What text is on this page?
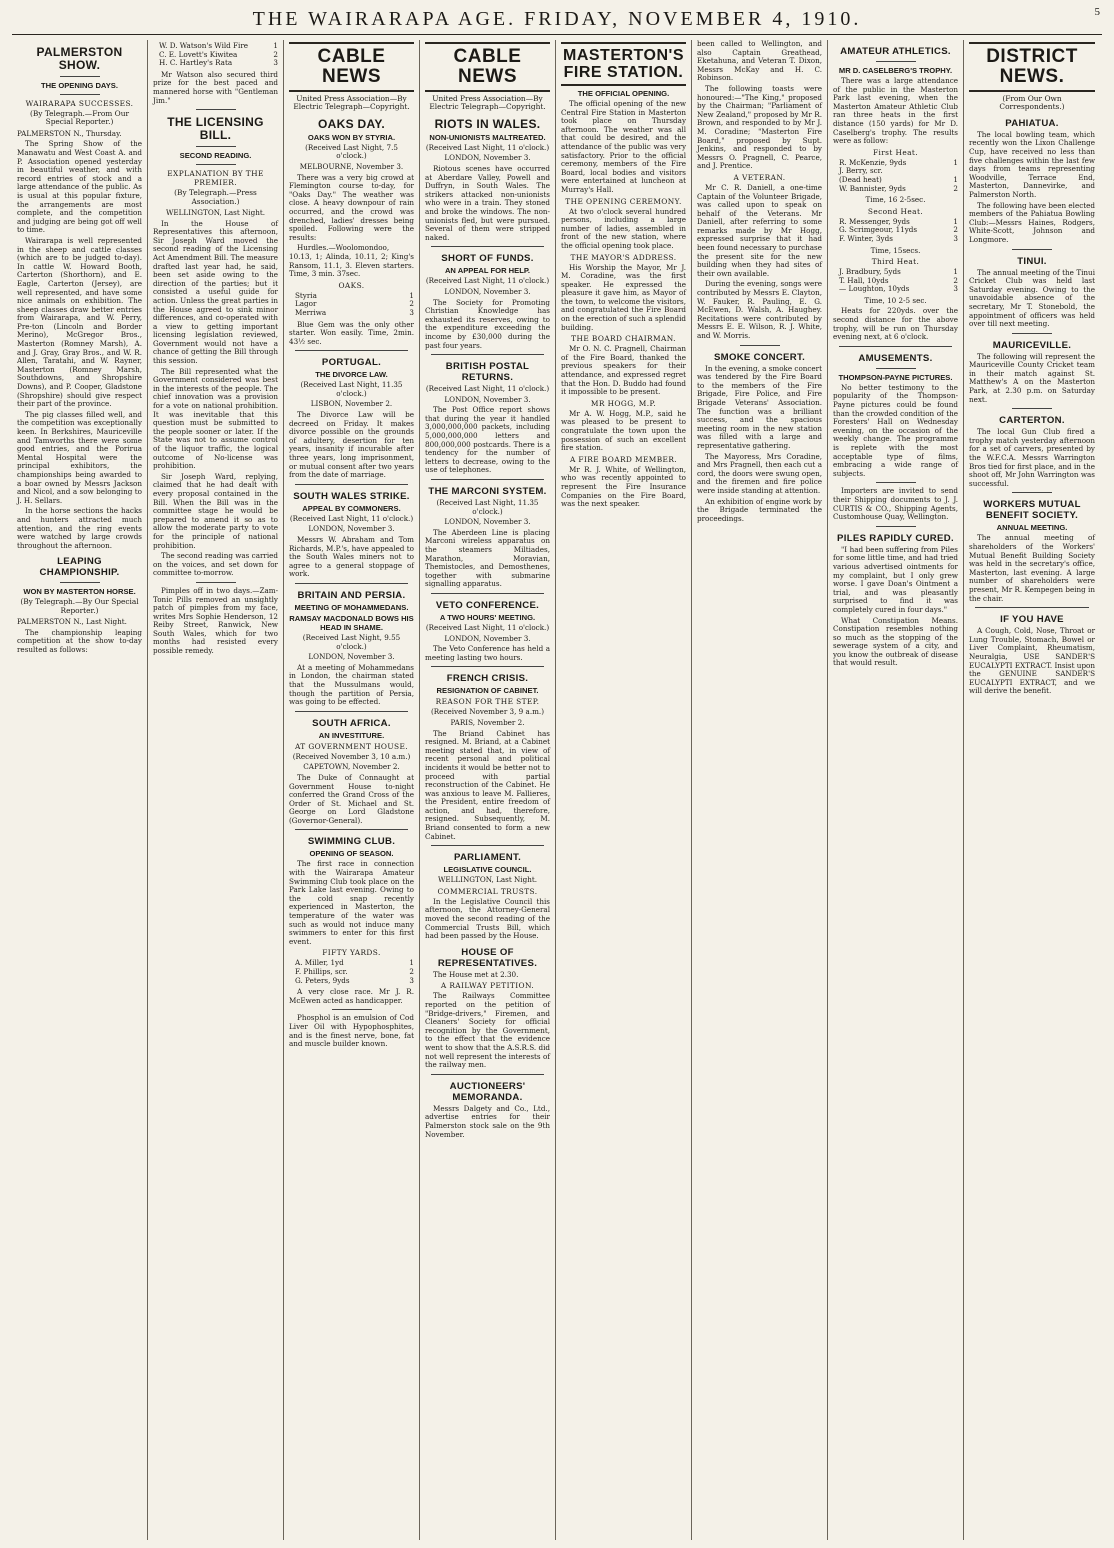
THE WAIRARAPA AGE. FRIDAY, NOVEMBER 4, 1910.	5
PALMERSTON SHOW.
THE OPENING DAYS.
WAIRARAPA SUCCESSES.
(By Telegraph.—From Our Special Reporter.)

PALMERSTON N., Thursday.

The Spring Show of the Manawatu and West Coast A. and P. Association opened yesterday in beautiful weather, and with record entries of stock and a large attendance of the public. As is usual at this popular fixture, the arrangements are most complete, and the competition and judging are being got off well to time.

Wairarapa is well represented in the sheep and cattle classes (which are to be judged to-day). In cattle W. Howard Booth, Carterton (Shorthorn), and E. Eagle, Carterton (Jersey), are well represented, and have some nice animals on exhibition. The sheep classes draw better entries from Wairarapa, and W. Perry, Pre-ton (Lincoln and Border Merino), McGregor Bros., Masterton (Romney Marsh), A. and J. Gray, Gray Bros., and W. R. Allen, Taratahi, and W. Rayner, Masterton (Romney Marsh, Southdowns, and Shropshire Downs), and P. Cooper, Gladstone (Shropshire) should give respect their part of the province.

The pig classes filled well, and the competition was exceptionally keen. In Berkshires, Mauriceville and Tamworths there were some good entries, and the Porirua Mental Hospital were the principal exhibitors, the championships being awarded to a boar owned by Messrs Jackson and Nicol, and a sow belonging to J. H. Sellars.

In the horse sections the hacks and hunters attracted much attention, and the ring events were watched by large crowds throughout the afternoon.

LEAPING CHAMPIONSHIP.
WON BY MASTERTON HORSE.
(By Telegraph.—By Our Special Reporter.)

PALMERSTON N., Last Night.

The championship leaping competition at the show to-day resulted as follows:

W. D. Watson's Wild Fire	1
C. E. Lovett's Kiwitea	2
H. C. Hartley's Rata	3

Mr Watson also secured third prize for the best paced and mannered horse with "Gentleman Jim."

THE LICENSING BILL.
SECOND READING.
EXPLANATION BY THE PREMIER.
(By Telegraph.—Press Association.)
WELLINGTON, Last Night.

In the House of Representatives this afternoon, Sir Joseph Ward moved the second reading of the Licensing Act Amendment Bill. The measure drafted last year had, he said, been set aside owing to the direction of the parties; but it consisted a useful guide for action. Unless the great parties in the House agreed to sink minor differences, and co-operated with a view to getting important licensing legislation reviewed, Government would not have a chance of getting the Bill through this session.

The Bill represented what the Government considered was best in the interests of the people. The chief innovation was a provision for a vote on national prohibition. It was inevitable that this question must be submitted to the people sooner or later. If the State was not to assume control of the liquor traffic, the logical outcome of No-license was prohibition.

Sir Joseph Ward, replying, claimed that he had dealt with every proposal contained in the Bill. When the Bill was in the committee stage he would be prepared to amend it so as to allow the moderate party to vote for the principle of national prohibition.

The second reading was carried on the voices, and set down for committee to-morrow.

Pimples off in two days.—Zam-Tonic Pills removed an unsightly patch of pimples from my face, writes Mrs Sophie Henderson, 12 Reiby Street, Ranwick, New South Wales, which for two months had resisted every possible remedy.

CABLE NEWS
United Press Association—By Electric Telegraph—Copyright.
OAKS DAY.
OAKS WON BY STYRIA.
(Received Last Night, 7.5 o'clock.)
MELBOURNE, November 3.

There was a very big crowd at Flemington course to-day, for "Oaks Day." The weather was close. A heavy downpour of rain occurred, and the crowd was drenched, ladies' dresses being spoiled. Following were the results:

Hurdles.—Woolomondoo, 10.13, 1; Alinda, 10.11, 2; King's Ransom, 11.1, 3. Eleven starters. Time, 3 min. 37sec.

OAKS.
Styria	1
Lagor	2
Merriwa	3

Blue Gem was the only other starter. Won easily. Time, 2min. 43½ sec.

PORTUGAL.
THE DIVORCE LAW.
(Received Last Night, 11.35 o'clock.)
LISBON, November 2.

The Divorce Law will be decreed on Friday. It makes divorce possible on the grounds of adultery, desertion for ten years, insanity if incurable after three years, long imprisonment, or mutual consent after two years from the date of marriage.

SOUTH WALES STRIKE.
APPEAL BY COMMONERS.
(Received Last Night, 11 o'clock.)
LONDON, November 3.

Messrs W. Abraham and Tom Richards, M.P.'s, have appealed to the South Wales miners not to agree to a general stoppage of work.

BRITAIN AND PERSIA.
MEETING OF MOHAMMEDANS.
RAMSAY MACDONALD BOWS HIS HEAD IN SHAME.
(Received Last Night, 9.55 o'clock.)
LONDON, November 3.

At a meeting of Mohammedans in London, the chairman stated that the Mussulmans would, though the partition of Persia, was going to be effected.

SOUTH AFRICA.
AN INVESTITURE.
AT GOVERNMENT HOUSE.
(Received November 3, 10 a.m.)
CAPETOWN, November 2.

The Duke of Connaught at Government House to-night conferred the Grand Cross of the Order of St. Michael and St. George on Lord Gladstone (Governor-General).

SWIMMING CLUB.
OPENING OF SEASON.

The first race in connection with the Wairarapa Amateur Swimming Club took place on the Park Lake last evening. Owing to the cold snap recently experienced in Masterton, the temperature of the water was such as would not induce many swimmers to enter for this first event.

FIFTY YARDS.
A. Miller, 1yd	1
F. Phillips, scr.	2
G. Peters, 9yds	3

A very close race. Mr J. R. McEwen acted as handicapper.

Phosphol is an emulsion of Cod Liver Oil with Hypophosphites, and is the finest nerve, bone, fat and muscle builder known.

CABLE NEWS
United Press Association—By Electric Telegraph—Copyright.
RIOTS IN WALES.
NON-UNIONISTS MALTREATED.
(Received Last Night, 11 o'clock.)
LONDON, November 3.

Riotous scenes have occurred at Aberdare Valley, Powell and Duffryn, in South Wales. The strikers attacked non-unionists who were in a train. They stoned and broke the windows. The non-unionists fled, but were pursued. Several of them were stripped naked.

SHORT OF FUNDS.
AN APPEAL FOR HELP.
(Received Last Night, 11 o'clock.)
LONDON, November 3.

The Society for Promoting Christian Knowledge has exhausted its reserves, owing to the expenditure exceeding the income by £30,000 during the past four years.

BRITISH POSTAL RETURNS.
(Received Last Night, 11 o'clock.)
LONDON, November 3.

The Post Office report shows that during the year it handled 3,000,000,000 packets, including 5,000,000,000 letters and 800,000,000 postcards. There is a tendency for the number of letters to decrease, owing to the use of telephones.

THE MARCONI SYSTEM.
(Received Last Night, 11.35 o'clock.)
LONDON, November 3.

The Aberdeen Line is placing Marconi wireless apparatus on the steamers Miltiades, Marathon, Moravian, Themistocles, and Demosthenes, together with submarine signalling apparatus.

VETO CONFERENCE.
A TWO HOURS' MEETING.
(Received Last Night, 11 o'clock.)
LONDON, November 3.

The Veto Conference has held a meeting lasting two hours.

FRENCH CRISIS.
RESIGNATION OF CABINET.
REASON FOR THE STEP.
(Received November 3, 9 a.m.)
PARIS, November 2.

The Briand Cabinet has resigned. M. Briand, at a Cabinet meeting stated that, in view of recent personal and political incidents it would be better not to proceed with partial reconstruction of the Cabinet. He was anxious to leave M. Fallieres, the President, entire freedom of action, and had, therefore, resigned. Subsequently, M. Briand consented to form a new Cabinet.

PARLIAMENT.
LEGISLATIVE COUNCIL.
WELLINGTON, Last Night.
COMMERCIAL TRUSTS.

In the Legislative Council this afternoon, the Attorney-General moved the second reading of the Commercial Trusts Bill, which had been passed by the House.

HOUSE OF REPRESENTATIVES.

The House met at 2.30.

A RAILWAY PETITION.

The Railways Committee reported on the petition of "Bridge-drivers," Firemen, and Cleaners' Society for official recognition by the Government, to the effect that the evidence went to show that the A.S.R.S. did not well represent the interests of the railway men.

AUCTIONEERS' MEMORANDA.

Messrs Dalgety and Co., Ltd., advertise entries for their Palmerston stock sale on the 9th November.

MASTERTON'S FIRE STATION.
THE OFFICIAL OPENING.

The official opening of the new Central Fire Station in Masterton took place on Thursday afternoon. The weather was all that could be desired, and the attendance of the public was very satisfactory. Prior to the official ceremony, members of the Fire Board, local bodies and visitors were entertained at luncheon at Murray's Hall.

THE OPENING CEREMONY.

At two o'clock several hundred persons, including a large number of ladies, assembled in front of the new station, where the official opening took place.

THE MAYOR'S ADDRESS.

His Worship the Mayor, Mr J. M. Coradine, was the first speaker. He expressed the pleasure it gave him, as Mayor of the town, to welcome the visitors, and congratulated the Fire Board on the erection of such a splendid building.

THE BOARD CHAIRMAN.

Mr O. N. C. Pragnell, Chairman of the Fire Board, thanked the previous speakers for their attendance, and expressed regret that the Hon. D. Buddo had found it impossible to be present.

MR HOGG, M.P.

Mr A. W. Hogg, M.P., said he was pleased to be present to congratulate the town upon the possession of such an excellent fire station.

A FIRE BOARD MEMBER.

Mr R. J. White, of Wellington, who was recently appointed to represent the Fire Insurance Companies on the Fire Board, was the next speaker.

been called to Wellington, and also Captain Greathead, Eketahuna, and Veteran T. Dixon, Messrs McKay and H. C. Robinson.

The following toasts were honoured:—"The King," proposed by the Chairman; "Parliament of New Zealand," proposed by Mr R. Brown, and responded to by Mr J. M. Coradine; "Masterton Fire Board," proposed by Supt. Jenkins, and responded to by Messrs O. Pragnell, C. Pearce, and J. Prentice.

A VETERAN.

Mr C. R. Daniell, a one-time Captain of the Volunteer Brigade, was called upon to speak on behalf of the Veterans. Mr Daniell, after referring to some remarks made by Mr Hogg, expressed surprise that it had been found necessary to purchase the present site for the new building when they had sites of their own available.

During the evening, songs were contributed by Messrs E. Clayton, W. Fauker, R. Pauling, E. G. McEwen, D. Walsh, A. Haughey. Recitations were contributed by Messrs E. E. Wilson, R. J. White, and W. Morris.

SMOKE CONCERT.

In the evening, a smoke concert was tendered by the Fire Board to the members of the Fire Brigade, Fire Police, and Fire Brigade Veterans' Association. The function was a brilliant success, and the spacious meeting room in the new station was filled with a large and representative gathering.

The Mayoress, Mrs Coradine, and Mrs Pragnell, then each cut a cord, the doors were swung open, and the firemen and fire police were inside standing at attention.

An exhibition of engine work by the Brigade terminated the proceedings.

AMATEUR ATHLETICS.
MR D. CASELBERG'S TROPHY.

There was a large attendance of the public in the Masterton Park last evening, when the Masterton Amateur Athletic Club ran three heats in the first distance (150 yards) for Mr D. Caselberg's trophy. The results were as follow:

First Heat.
R. McKenzie, 9yds	1
J. Berry, scr.
(Dead heat)	1
W. Bannister, 9yds	2
Time, 16 2-5sec.
Second Heat.
R. Messenger, 9yds	1
G. Scrimgeour, 11yds	2
F. Winter, 3yds	3
Time, 15secs.
Third Heat.
J. Bradbury, 5yds	1
T. Hall, 10yds	2
— Loughton, 10yds	3
Time, 10 2-5 sec.

Heats for 220yds. over the second distance for the above trophy, will be run on Thursday evening next, at 6 o'clock.

AMUSEMENTS.
THOMPSON-PAYNE PICTURES.

No better testimony to the popularity of the Thompson-Payne pictures could be found than the crowded condition of the Foresters' Hall on Wednesday evening, on the occasion of the weekly change. The programme is replete with the most acceptable type of films, embracing a wide range of subjects.

Importers are invited to send their Shipping documents to J. J. CURTIS & CO., Shipping Agents, Customhouse Quay, Wellington.

PILES RAPIDLY CURED.

"I had been suffering from Piles for some little time, and had tried various advertised ointments for my complaint, but I only grew worse. I gave Doan's Ointment a trial, and was pleasantly surprised to find it was completely cured in four days."

What Constipation Means. Constipation resembles nothing so much as the stopping of the sewerage system of a city, and you know the outbreak of disease that would result.

DISTRICT NEWS.
(From Our Own Correspondents.)
PAHIATUA.

The local bowling team, which recently won the Lixon Challenge Cup, have received no less than five challenges within the last few days from teams representing Woodville, Terrace End, Masterton, Dannevirke, and Palmerston North.

The following have been elected members of the Pahiatua Bowling Club:—Messrs Haines, Rodgers, White-Scott, Johnson and Longmore.

TINUI.

The annual meeting of the Tinui Cricket Club was held last Saturday evening. Owing to the unavoidable absence of the secretary, Mr T. Stonebold, the appointment of officers was held over till next meeting.

MAURICEVILLE.

The following will represent the Mauriceville County Cricket team in their match against St. Matthew's A on the Masterton Park, at 2.30 p.m. on Saturday next.

CARTERTON.

The local Gun Club fired a trophy match yesterday afternoon for a set of carvers, presented by the W.F.C.A. Messrs Warrington Bros tied for first place, and in the shoot off, Mr John Warrington was successful.

WORKERS MUTUAL BENEFIT SOCIETY.
ANNUAL MEETING.

The annual meeting of shareholders of the Workers' Mutual Benefit Building Society was held in the secretary's office, Masterton, last evening. A large number of shareholders were present, Mr R. Kempegen being in the chair.

IF YOU HAVE

A Cough, Cold, Nose, Throat or Lung Trouble, Stomach, Bowel or Liver Complaint, Rheumatism, Neuralgia, USE SANDER'S EUCALYPTI EXTRACT. Insist upon the GENUINE SANDER'S EUCALYPTI EXTRACT, and we will derive the benefit.
